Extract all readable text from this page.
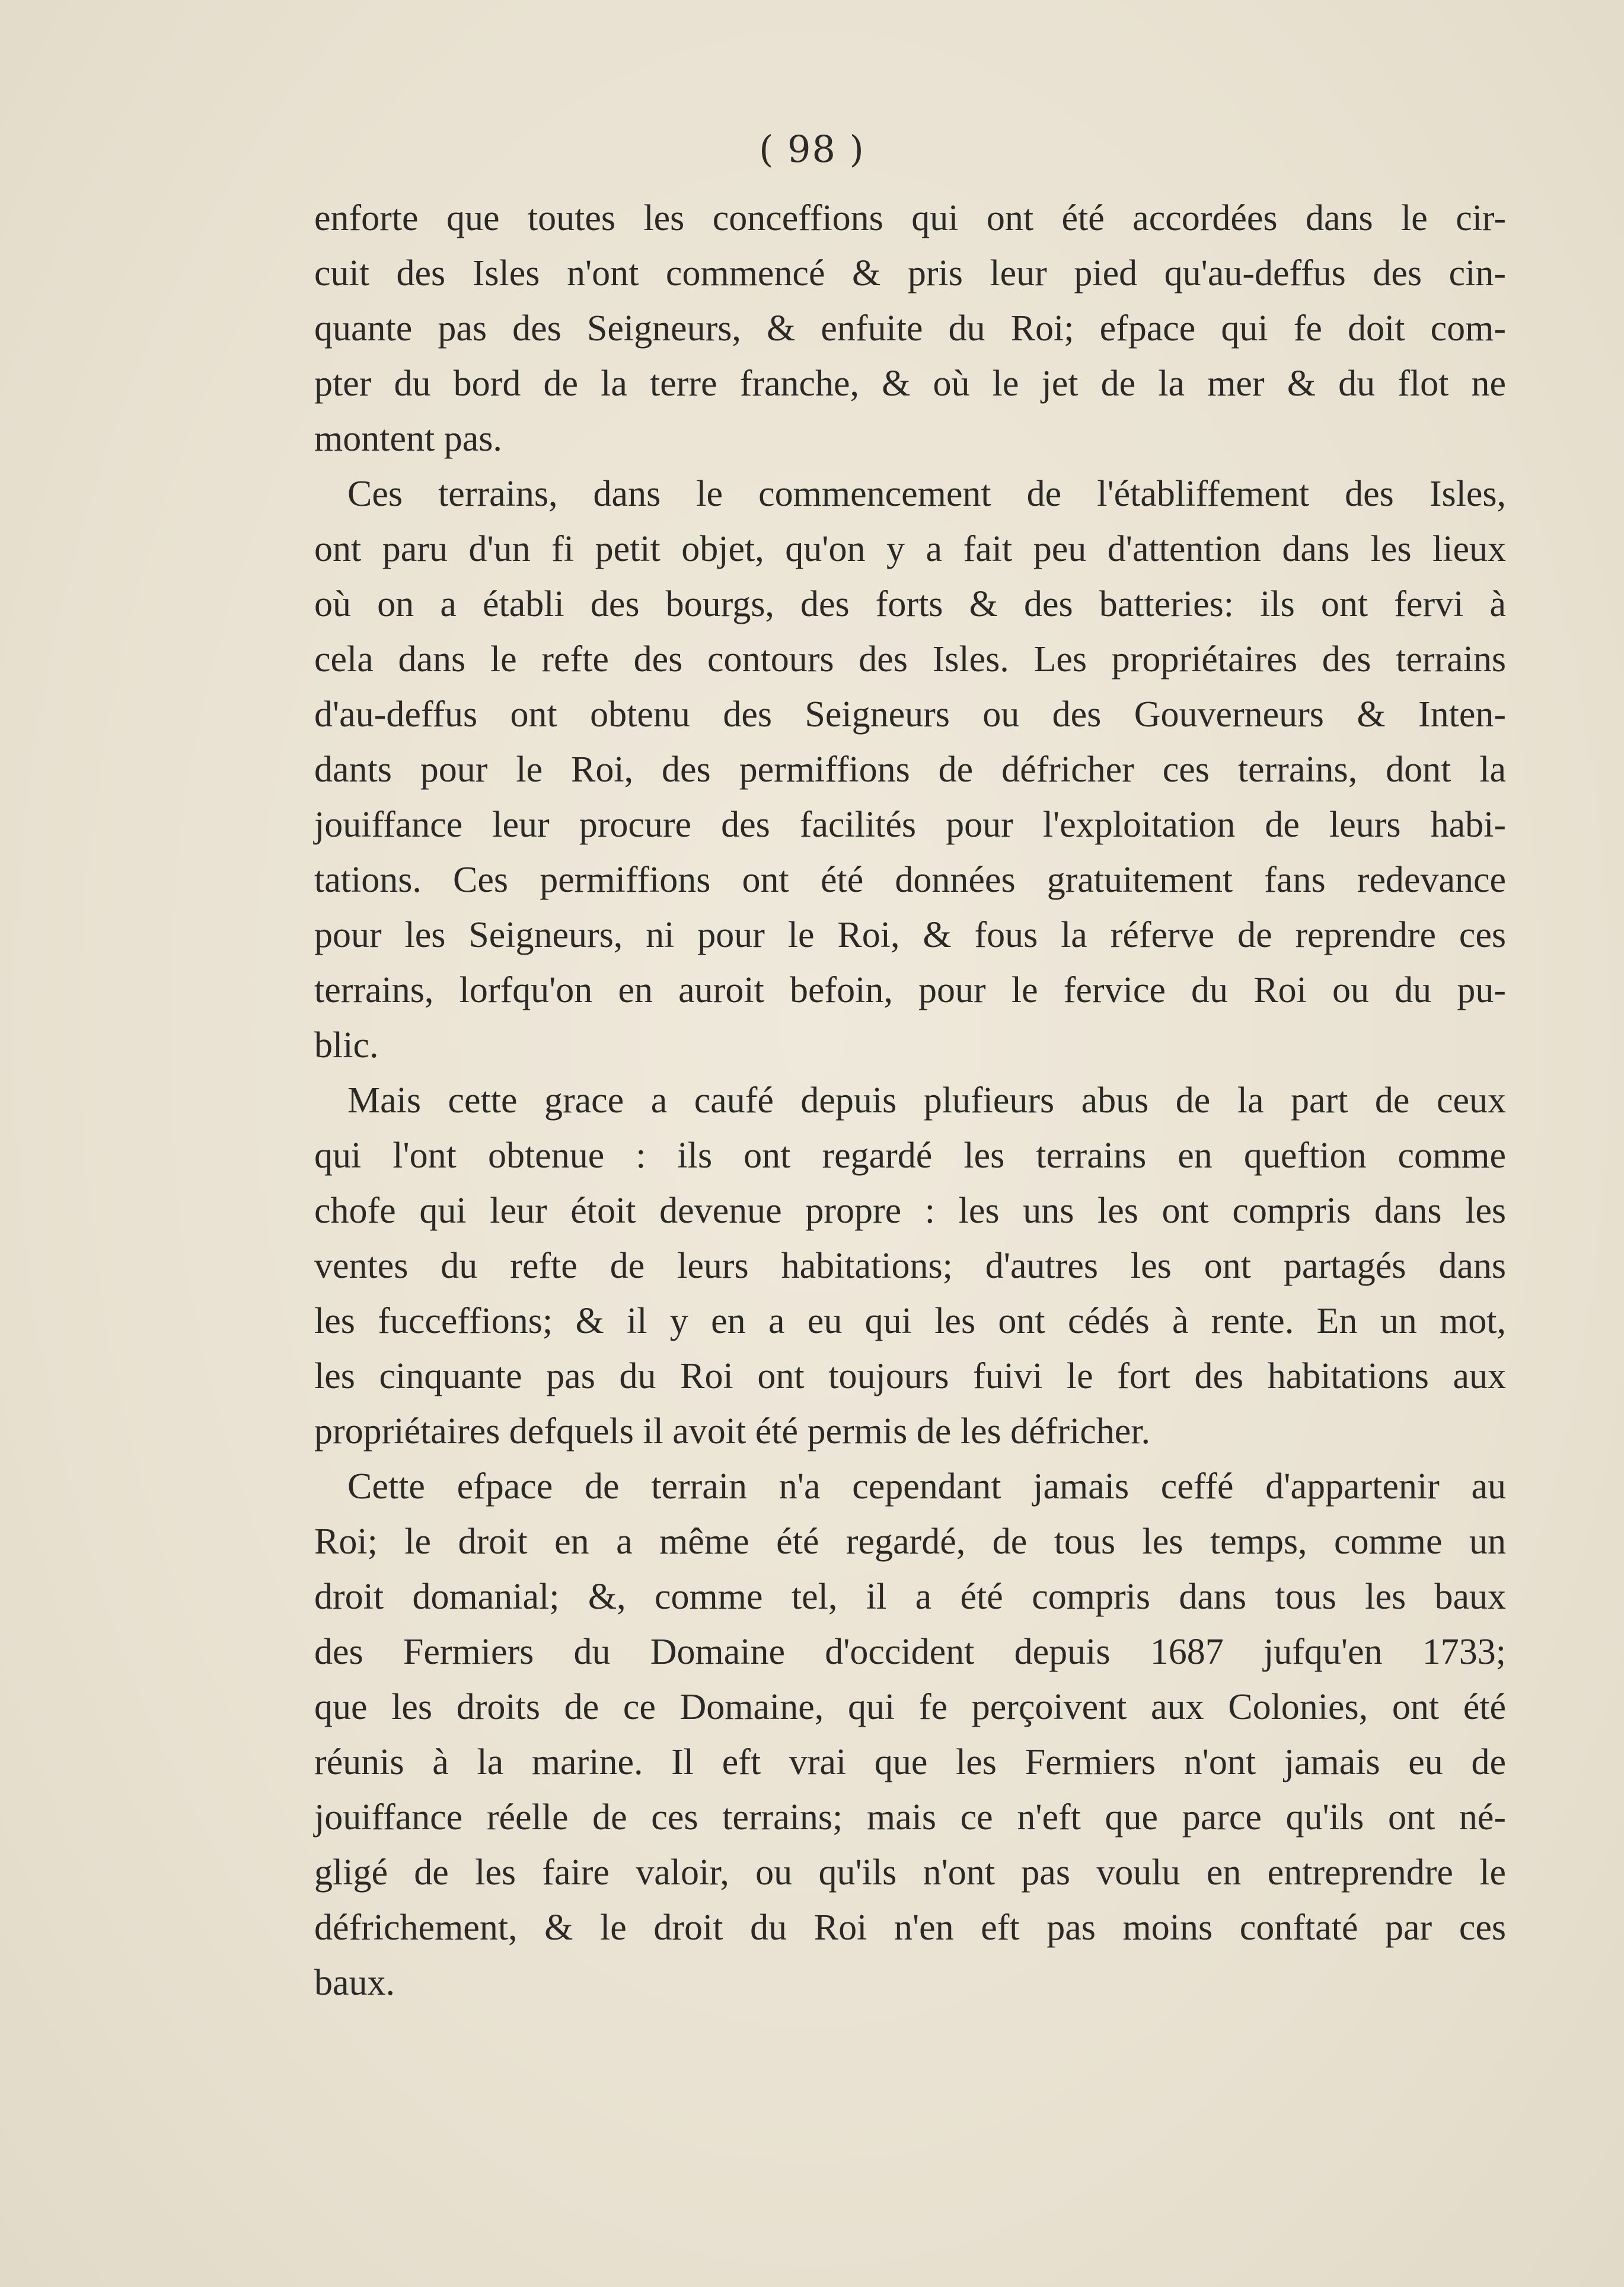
( 98 )

enforte que toutes les conceffions qui ont été accordées dans le cir-
cuit des Isles n'ont commencé & pris leur pied qu'au-deffus des cin-
quante pas des Seigneurs, & enfuite du Roi; efpace qui fe doit com-
pter du bord de la terre franche, & où le jet de la mer & du flot ne
montent pas.

Ces terrains, dans le commencement de l'établiffement des Isles,
ont paru d'un fi petit objet, qu'on y a fait peu d'attention dans les lieux
où on a établi des bourgs, des forts & des batteries: ils ont fervi à
cela dans le refte des contours des Isles. Les propriétaires des terrains
d'au-deffus ont obtenu des Seigneurs ou des Gouverneurs & Inten-
dants pour le Roi, des permiffions de défricher ces terrains, dont la
jouiffance leur procure des facilités pour l'exploitation de leurs habi-
tations. Ces permiffions ont été données gratuitement fans redevance
pour les Seigneurs, ni pour le Roi, & fous la réferve de reprendre ces
terrains, lorfqu'on en auroit befoin, pour le fervice du Roi ou du pu-
blic.

Mais cette grace a caufé depuis plufieurs abus de la part de ceux
qui l'ont obtenue : ils ont regardé les terrains en queftion comme
chofe qui leur étoit devenue propre : les uns les ont compris dans les
ventes du refte de leurs habitations; d'autres les ont partagés dans
les fucceffions; & il y en a eu qui les ont cédés à rente. En un mot,
les cinquante pas du Roi ont toujours fuivi le fort des habitations aux
propriétaires defquels il avoit été permis de les défricher.

Cette efpace de terrain n'a cependant jamais ceffé d'appartenir au
Roi; le droit en a même été regardé, de tous les temps, comme un
droit domanial; &, comme tel, il a été compris dans tous les baux
des Fermiers du Domaine d'occident depuis 1687 jufqu'en 1733;
que les droits de ce Domaine, qui fe perçoivent aux Colonies, ont été
réunis à la marine. Il eft vrai que les Fermiers n'ont jamais eu de
jouiffance réelle de ces terrains; mais ce n'eft que parce qu'ils ont né-
gligé de les faire valoir, ou qu'ils n'ont pas voulu en entreprendre le
défrichement, & le droit du Roi n'en eft pas moins conftaté par ces
baux.
